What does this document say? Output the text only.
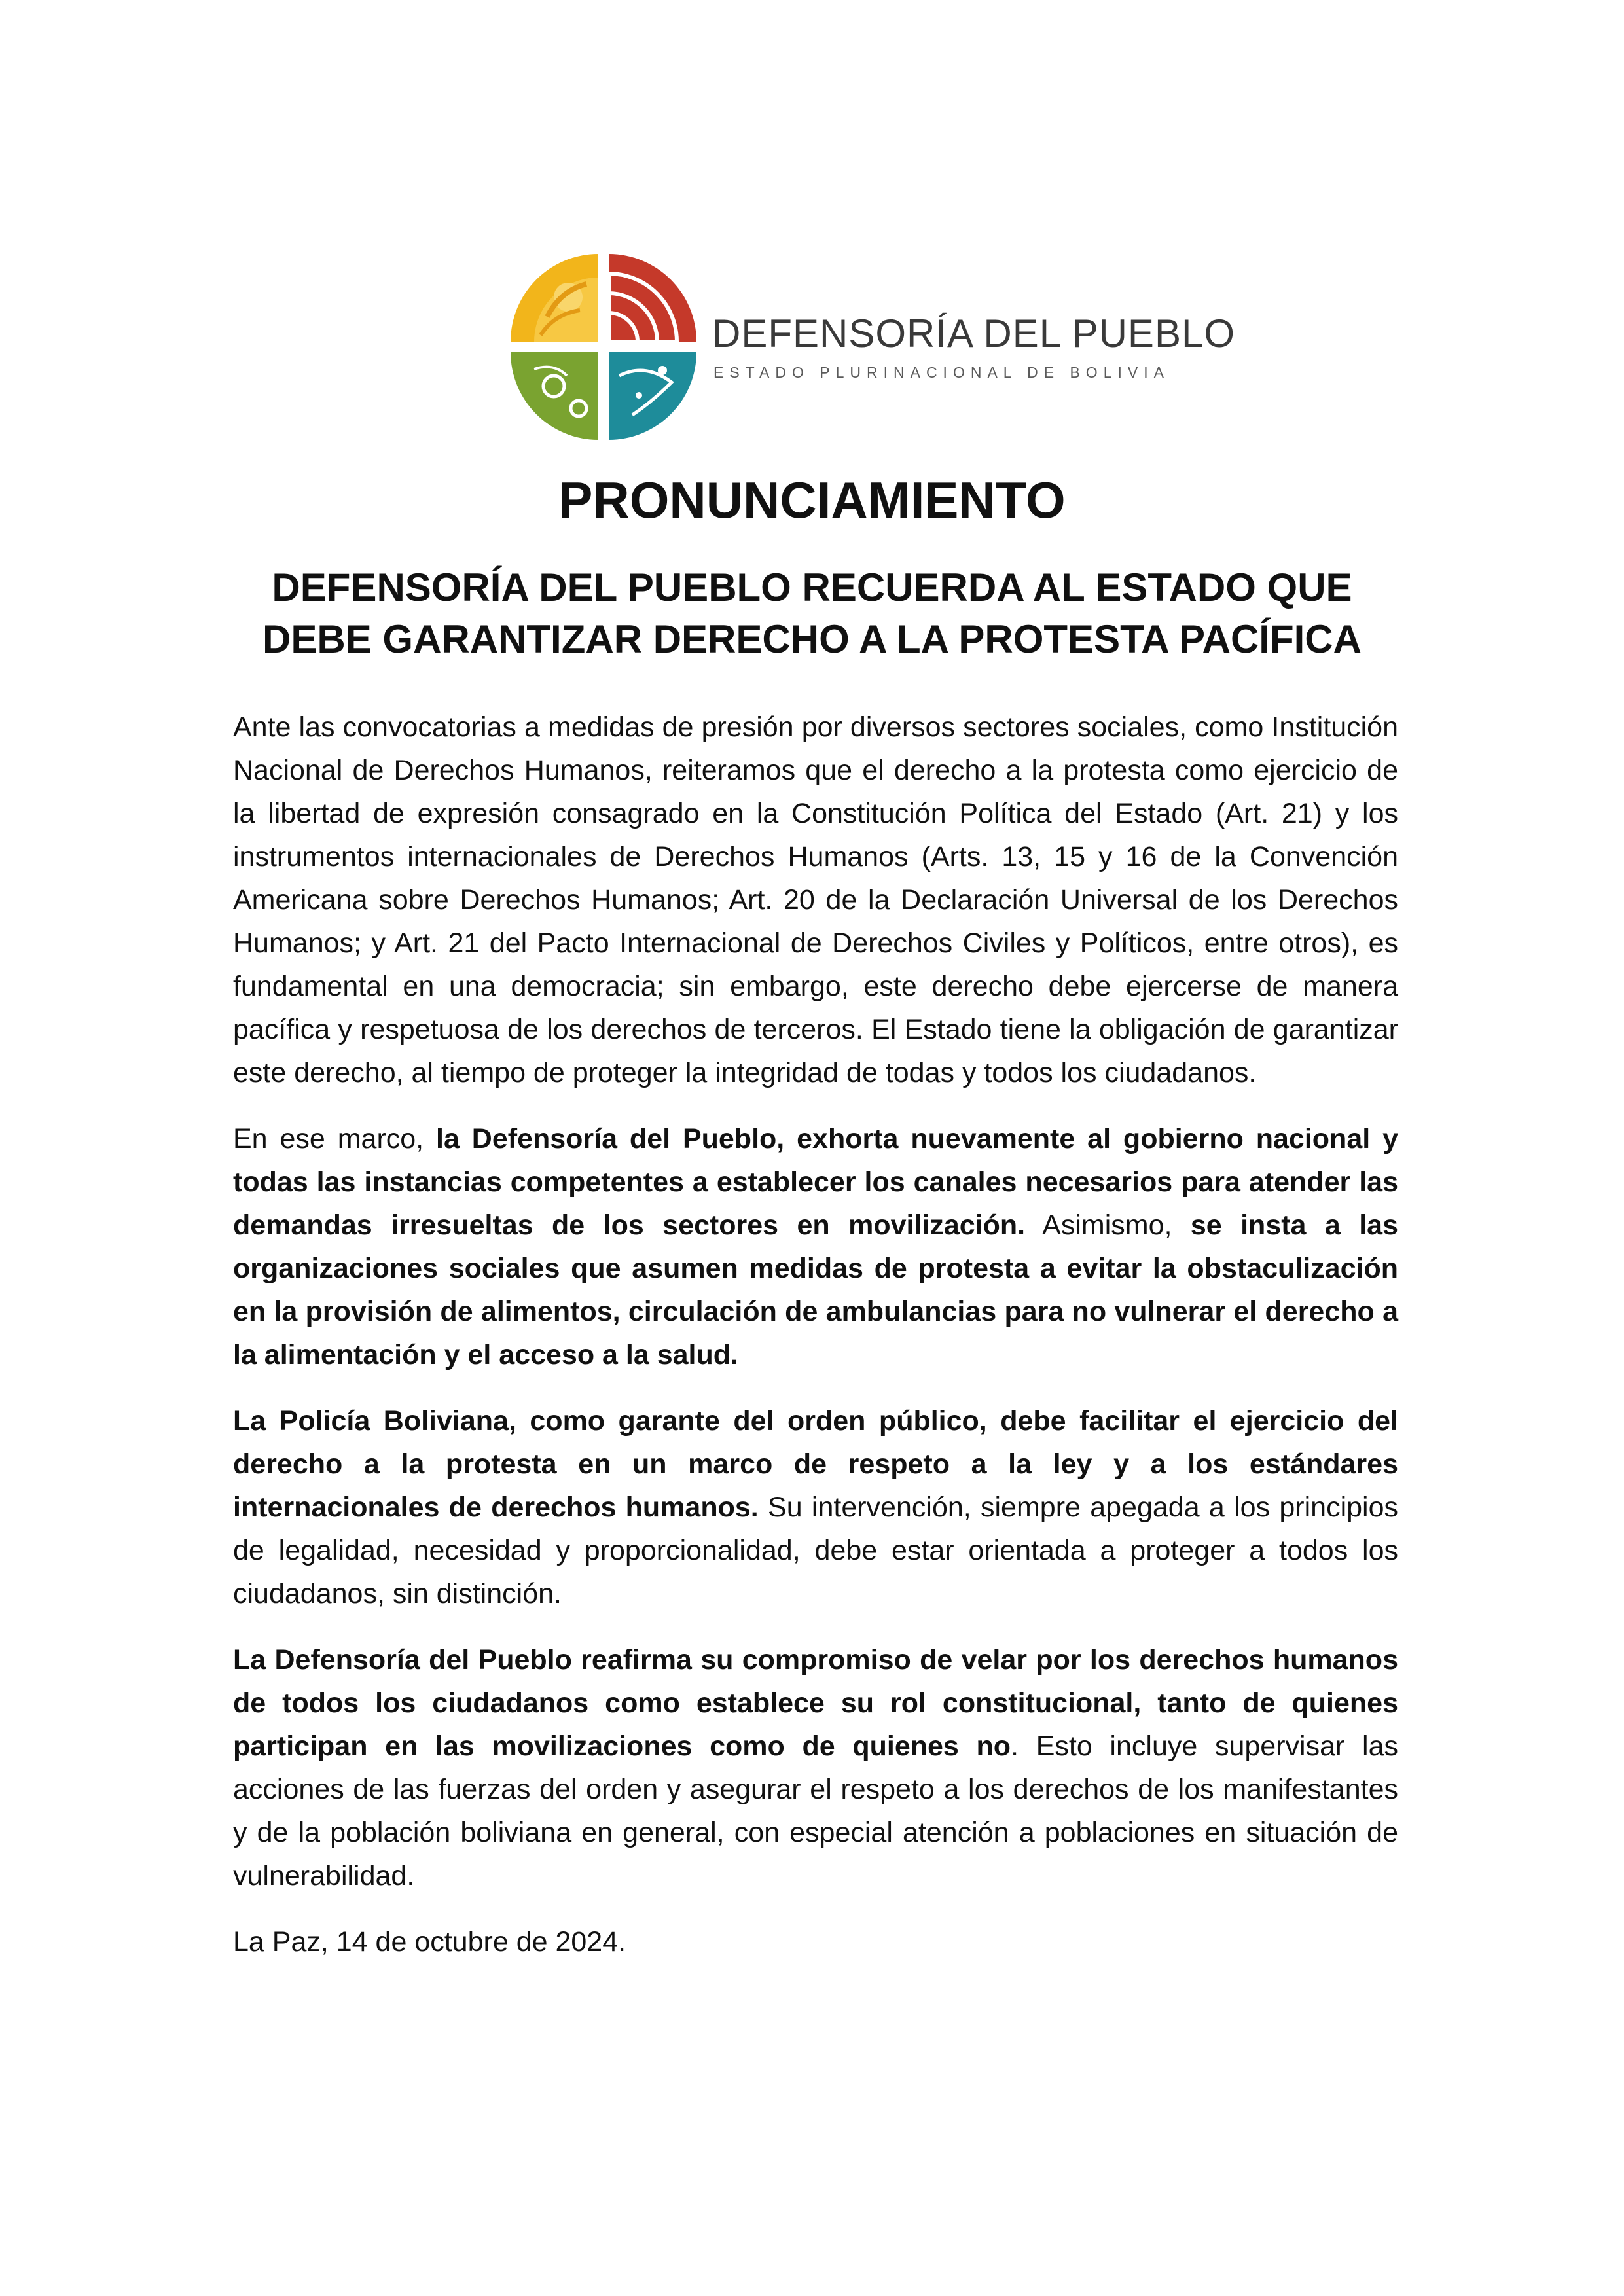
DEFENSORÍA DEL PUEBLO
ESTADO PLURINACIONAL DE BOLIVIA
PRONUNCIAMIENTO
DEFENSORÍA DEL PUEBLO RECUERDA AL ESTADO QUE
DEBE GARANTIZAR DERECHO A LA PROTESTA PACÍFICA

Ante las convocatorias a medidas de presión por diversos sectores sociales, como Institución Nacional de Derechos Humanos, reiteramos que el derecho a la protesta como ejercicio de la libertad de expresión consagrado en la Constitución Política del Estado (Art. 21) y los instrumentos internacionales de Derechos Humanos (Arts. 13, 15 y 16 de la Convención Americana sobre Derechos Humanos; Art. 20 de la Declaración Universal de los Derechos Humanos; y Art. 21 del Pacto Internacional de Derechos Civiles y Políticos, entre otros), es fundamental en una democracia; sin embargo, este derecho debe ejercerse de manera pacífica y respetuosa de los derechos de terceros. El Estado tiene la obligación de garantizar este derecho, al tiempo de proteger la integridad de todas y todos los ciudadanos.

En ese marco, la Defensoría del Pueblo, exhorta nuevamente al gobierno nacional y todas las instancias competentes a establecer los canales necesarios para atender las demandas irresueltas de los sectores en movilización. Asimismo, se insta a las organizaciones sociales que asumen medidas de protesta a evitar la obstaculización en la provisión de alimentos, circulación de ambulancias para no vulnerar el derecho a la alimentación y el acceso a la salud.

La Policía Boliviana, como garante del orden público, debe facilitar el ejercicio del derecho a la protesta en un marco de respeto a la ley y a los estándares internacionales de derechos humanos. Su intervención, siempre apegada a los principios de legalidad, necesidad y proporcionalidad, debe estar orientada a proteger a todos los ciudadanos, sin distinción.

La Defensoría del Pueblo reafirma su compromiso de velar por los derechos humanos de todos los ciudadanos como establece su rol constitucional, tanto de quienes participan en las movilizaciones como de quienes no. Esto incluye supervisar las acciones de las fuerzas del orden y asegurar el respeto a los derechos de los manifestantes y de la población boliviana en general, con especial atención a poblaciones en situación de vulnerabilidad.

La Paz, 14 de octubre de 2024.
